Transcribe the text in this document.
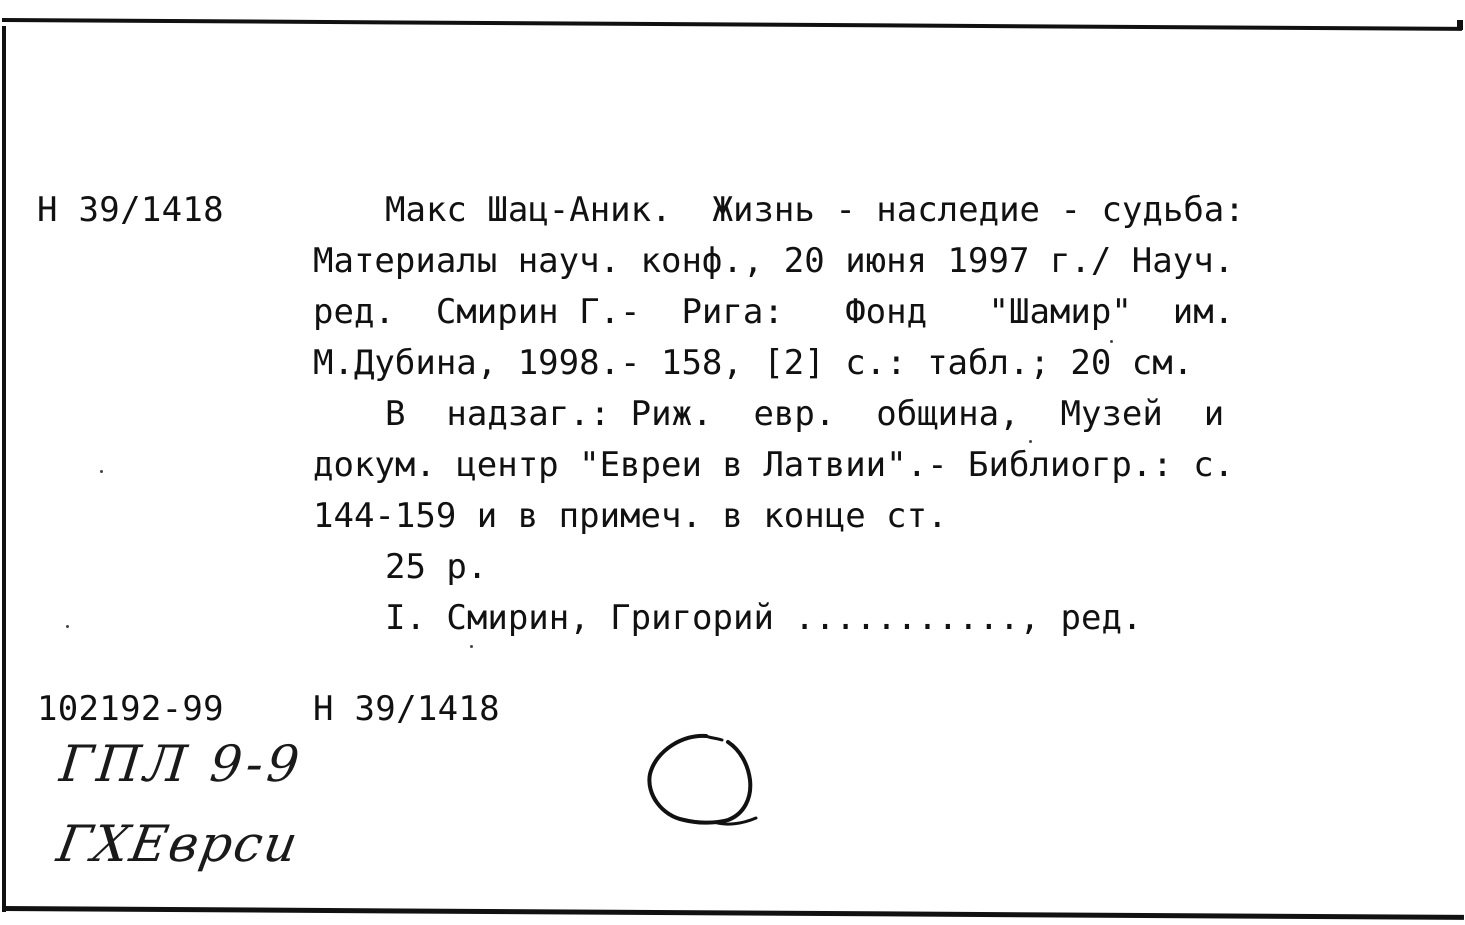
Н 39/1418	Макс Шац-Аник.  Жизнь - наследие - судьба:
Материалы науч. конф., 20 июня 1997 г./ Науч.
ред.  Смирин Г.-  Рига:   Фонд   "Шамир"  им.
М.Дубина, 1998.- 158, [2] с.: табл.; 20 см.
В  надзаг.: Риж.  евр.  община,  Музей  и
докум. центр "Евреи в Латвии".- Библиогр.: с.
144-159 и в примеч. в конце ст.
25 р.
I. Смирин, Григорий ..........., ред.
102192-99	Н 39/1418
ГПЛ 9-9
ГХЕврси
